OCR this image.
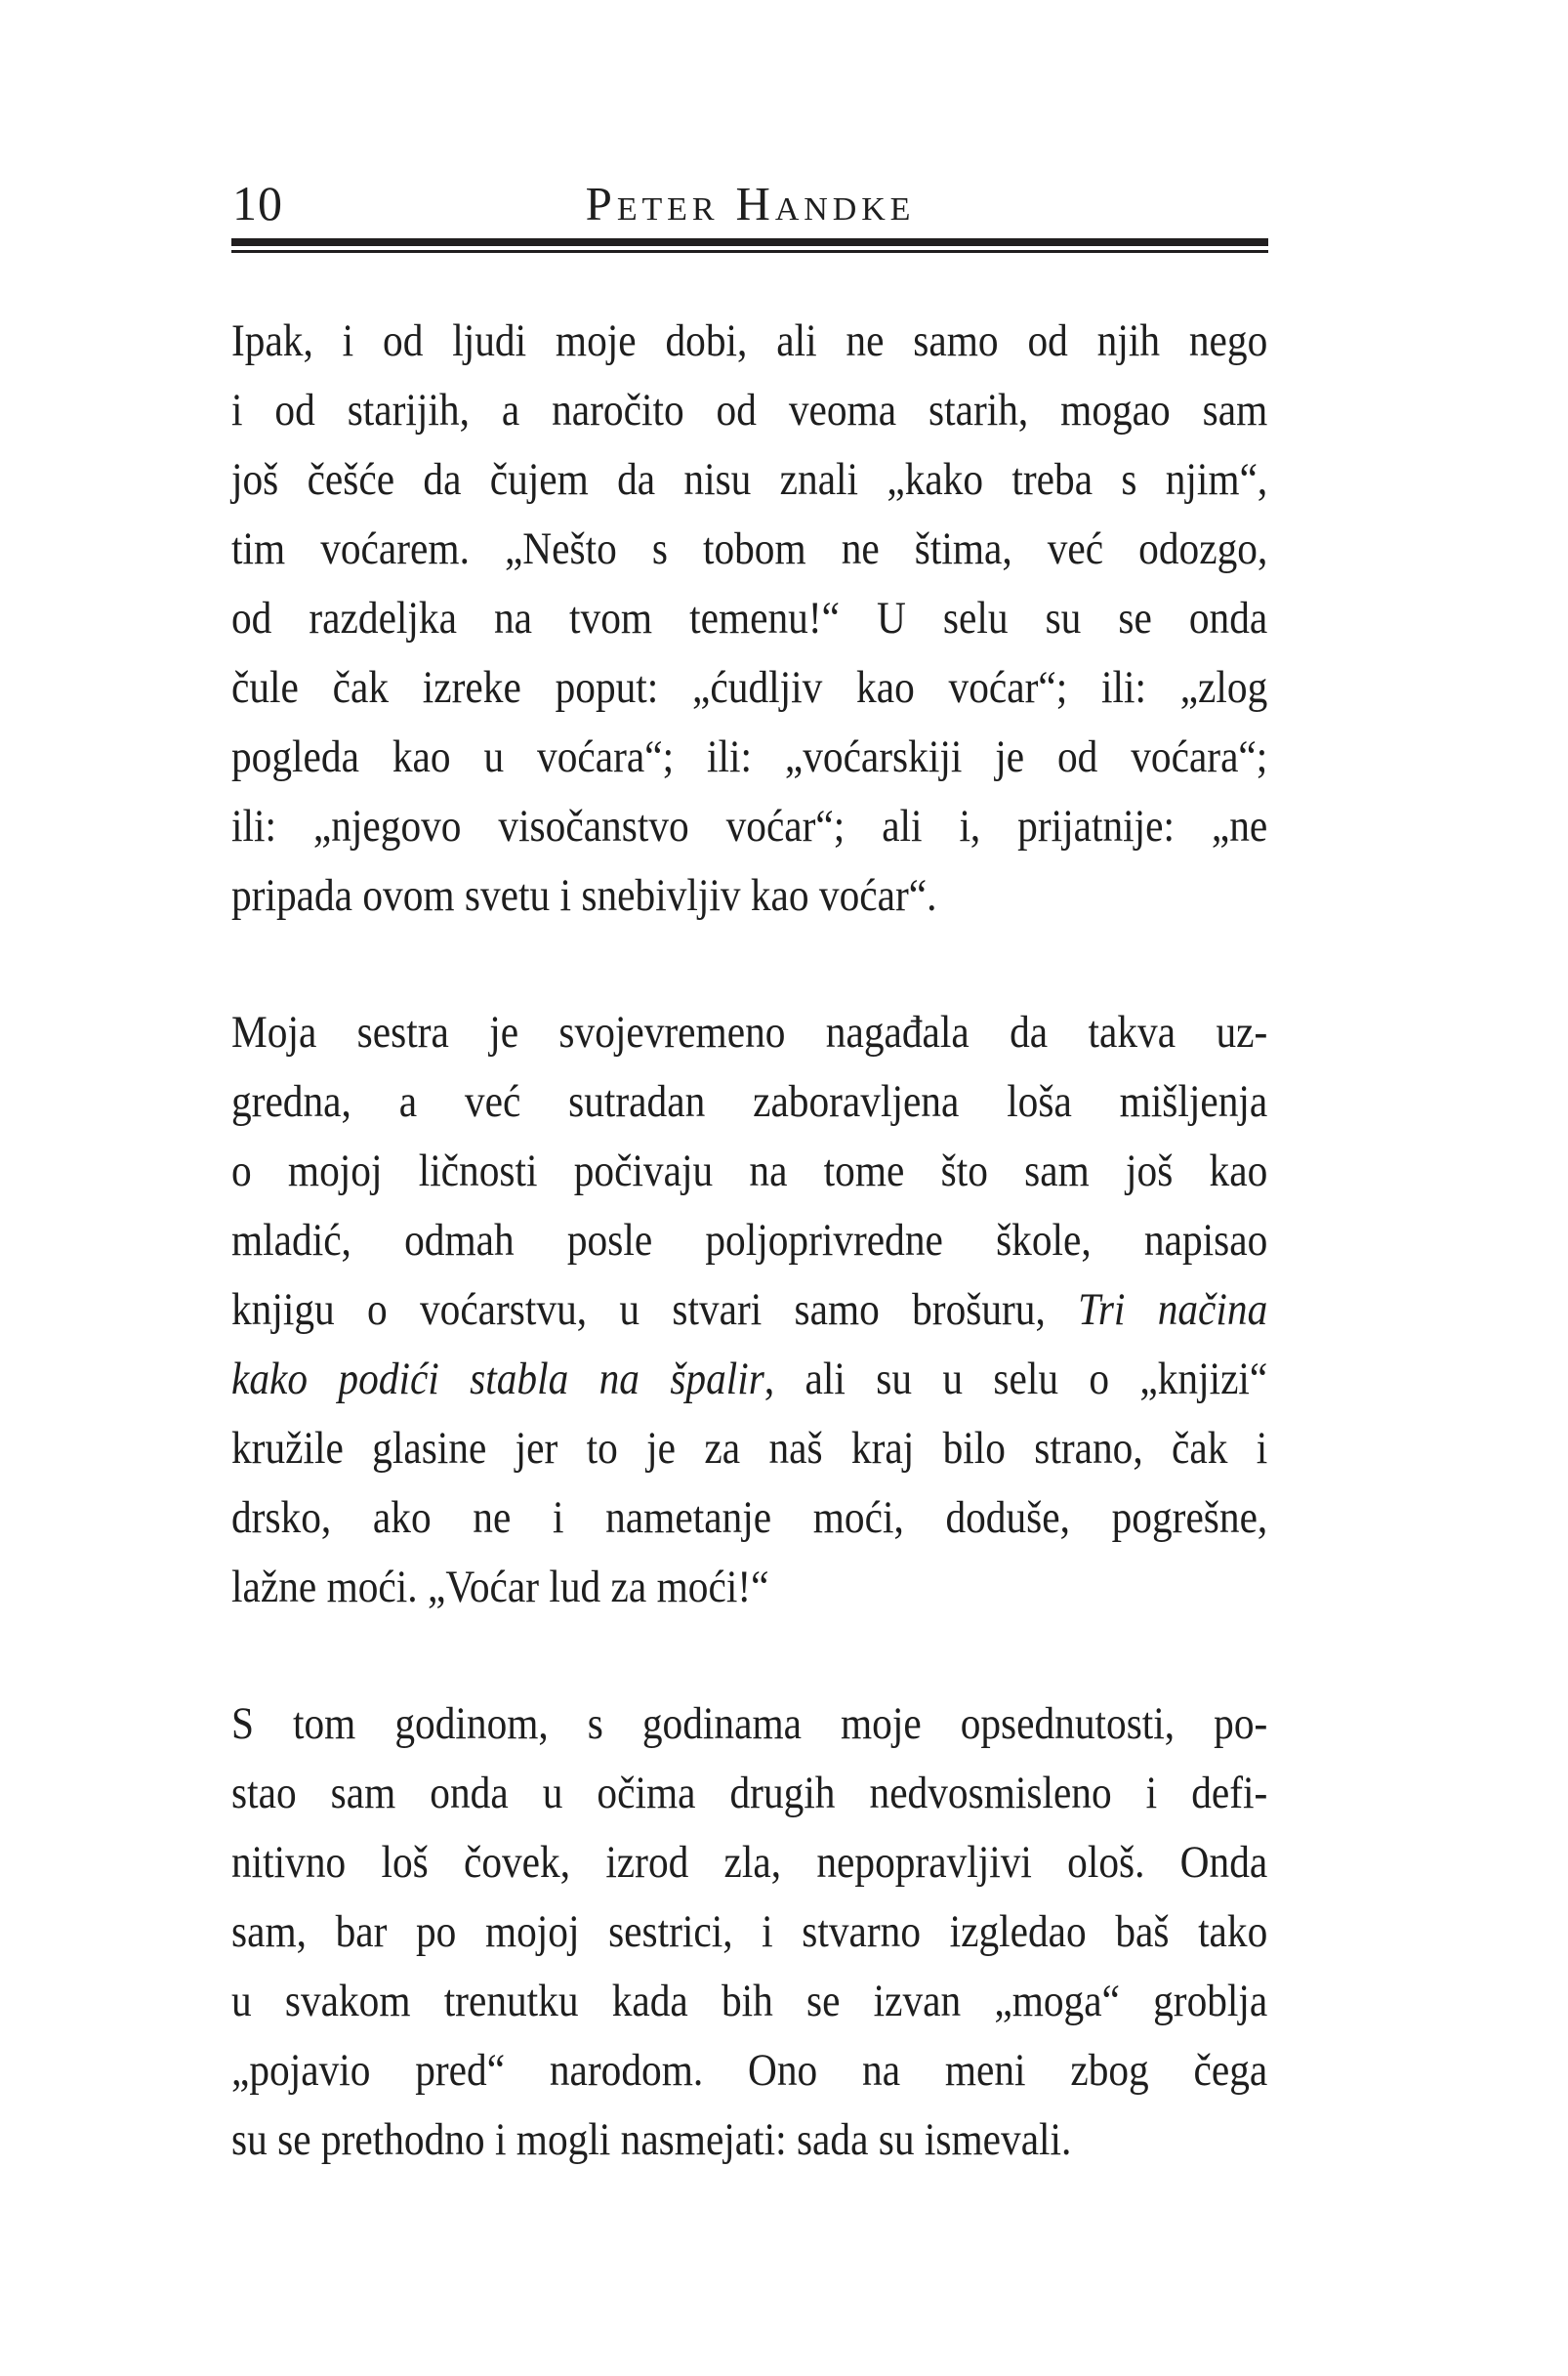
10	Peter Handke
Ipak, i od ljudi moje dobi, ali ne samo od njih nego
i od starijih, a naročito od veoma starih, mogao sam
još češće da čujem da nisu znali „kako treba s njim“,
tim voćarem. „Nešto s tobom ne štima, već odozgo,
od razdeljka na tvom temenu!“ U selu su se onda
čule čak izreke poput: „ćudljiv kao voćar“; ili: „zlog
pogleda kao u voćara“; ili: „voćarskiji je od voćara“;
ili: „njegovo visočanstvo voćar“; ali i, prijatnije: „ne
pripada ovom svetu i snebivljiv kao voćar“.
Moja sestra je svojevremeno nagađala da takva uz-
gredna, a već sutradan zaboravljena loša mišljenja
o mojoj ličnosti počivaju na tome što sam još kao
mladić, odmah posle poljoprivredne škole, napisao
knjigu o voćarstvu, u stvari samo brošuru, Tri načina
kako podići stabla na špalir, ali su u selu o „knjizi“
kružile glasine jer to je za naš kraj bilo strano, čak i
drsko, ako ne i nametanje moći, doduše, pogrešne,
lažne moći. „Voćar lud za moći!“
S tom godinom, s godinama moje opsednutosti, po-
stao sam onda u očima drugih nedvosmisleno i defi-
nitivno loš čovek, izrod zla, nepopravljivi ološ. Onda
sam, bar po mojoj sestrici, i stvarno izgledao baš tako
u svakom trenutku kada bih se izvan „moga“ groblja
„pojavio pred“ narodom. Ono na meni zbog čega
su se prethodno i mogli nasmejati: sada su ismevali.
